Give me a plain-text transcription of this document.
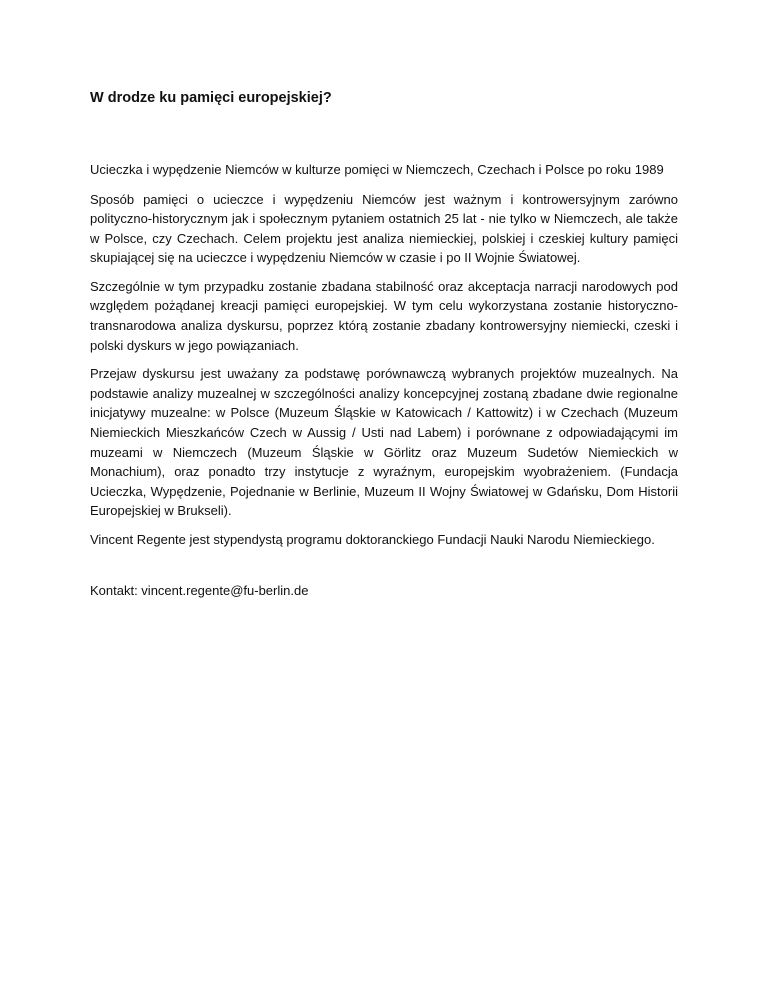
W drodze ku pamięci europejskiej?

Ucieczka i wypędzenie Niemców w kulturze pomięci w Niemczech, Czechach i Polsce po roku 1989

Sposób pamięci o ucieczce i wypędzeniu Niemców jest ważnym i kontrowersyjnym zarówno polityczno-historycznym jak i społecznym pytaniem ostatnich 25 lat - nie tylko w Niemczech, ale także w Polsce, czy Czechach. Celem projektu jest analiza niemieckiej, polskiej i czeskiej kultury pamięci skupiającej się na ucieczce i wypędzeniu Niemców w czasie i po II Wojnie Światowej.

Szczególnie w tym przypadku zostanie zbadana stabilność oraz akceptacja narracji narodowych pod względem pożądanej kreacji pamięci europejskiej. W tym celu wykorzystana zostanie historyczno-transnarodowa analiza dyskursu, poprzez którą zostanie zbadany kontrowersyjny niemiecki, czeski i polski dyskurs w jego powiązaniach.

Przejaw dyskursu jest uważany za podstawę porównawczą wybranych projektów muzealnych. Na podstawie analizy muzealnej w szczególności analizy koncepcyjnej zostaną zbadane dwie regionalne inicjatywy muzealne: w Polsce (Muzeum Śląskie w Katowicach / Kattowitz) i w Czechach (Muzeum Niemieckich Mieszkańców Czech w Aussig / Usti nad Labem) i porównane z odpowiadającymi im muzeami w Niemczech (Muzeum Śląskie w Görlitz oraz Muzeum Sudetów Niemieckich w Monachium), oraz ponadto trzy instytucje z wyraźnym, europejskim wyobrażeniem. (Fundacja Ucieczka, Wypędzenie, Pojednanie w Berlinie, Muzeum II Wojny Światowej w Gdańsku, Dom Historii Europejskiej w Brukseli).

Vincent Regente jest stypendystą programu doktoranckiego Fundacji Nauki Narodu Niemieckiego.

Kontakt: vincent.regente@fu-berlin.de
